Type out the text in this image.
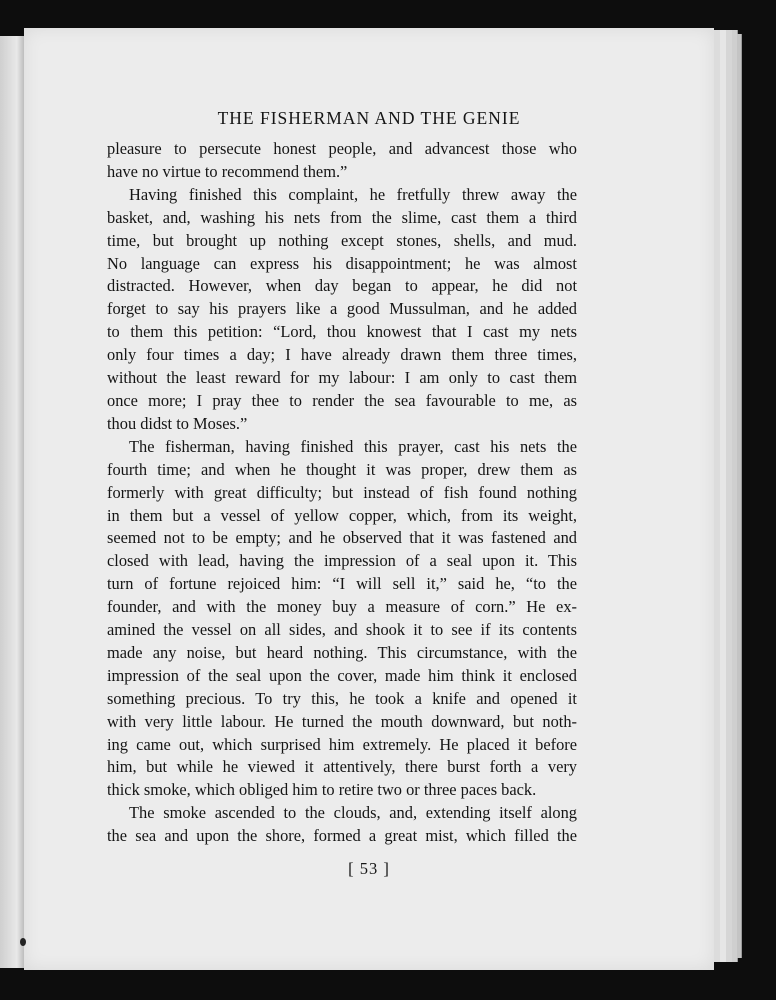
THE FISHERMAN AND THE GENIE

pleasure to persecute honest people, and advancest those who

have no virtue to recommend them.”

Having finished this complaint, he fretfully threw away the

basket, and, washing his nets from the slime, cast them a third

time, but brought up nothing except stones, shells, and mud.

No language can express his disappointment; he was almost

distracted. However, when day began to appear, he did not

forget to say his prayers like a good Mussulman, and he added

to them this petition: “Lord, thou knowest that I cast my nets

only four times a day; I have already drawn them three times,

without the least reward for my labour: I am only to cast them

once more; I pray thee to render the sea favourable to me, as

thou didst to Moses.”

The fisherman, having finished this prayer, cast his nets the

fourth time; and when he thought it was proper, drew them as

formerly with great difficulty; but instead of fish found nothing

in them but a vessel of yellow copper, which, from its weight,

seemed not to be empty; and he observed that it was fastened and

closed with lead, having the impression of a seal upon it. This

turn of fortune rejoiced him: “I will sell it,” said he, “to the

founder, and with the money buy a measure of corn.” He ex-

amined the vessel on all sides, and shook it to see if its contents

made any noise, but heard nothing. This circumstance, with the

impression of the seal upon the cover, made him think it enclosed

something precious. To try this, he took a knife and opened it

with very little labour. He turned the mouth downward, but noth-

ing came out, which surprised him extremely. He placed it before

him, but while he viewed it attentively, there burst forth a very

thick smoke, which obliged him to retire two or three paces back.

The smoke ascended to the clouds, and, extending itself along

the sea and upon the shore, formed a great mist, which filled the

[ 53 ]
